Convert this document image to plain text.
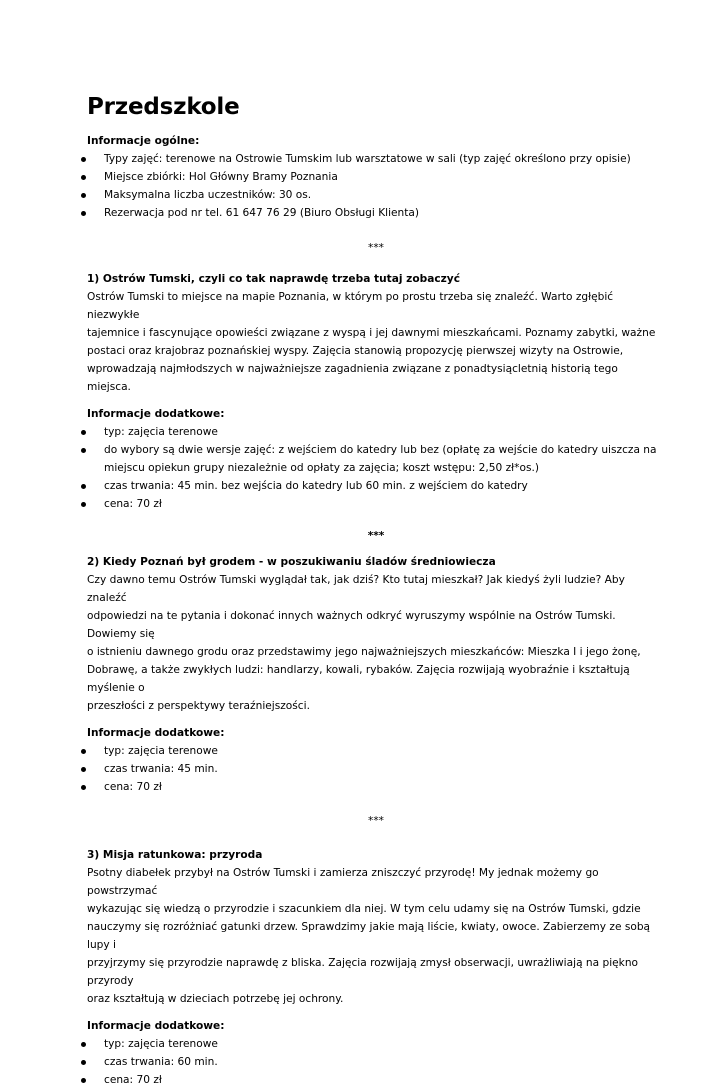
Przedszkole

Informacje ogólne:

Typy zajęć: terenowe na Ostrowie Tumskim lub warsztatowe w sali (typ zajęć określono przy opisie)
Miejsce zbiórki: Hol Główny Bramy Poznania
Maksymalna liczba uczestników: 30 os.
Rezerwacja pod nr tel. 61 647 76 29 (Biuro Obsługi Klienta)
***

1) Ostrów Tumski, czyli co tak naprawdę trzeba tutaj zobaczyć

Ostrów Tumski to miejsce na mapie Poznania, w którym po prostu trzeba się znaleźć. Warto zgłębić niezwykłe
tajemnice i fascynujące opowieści związane z wyspą i jej dawnymi mieszkańcami. Poznamy zabytki, ważne
postaci oraz krajobraz poznańskiej wyspy. Zajęcia stanowią propozycję pierwszej wizyty na Ostrowie,
wprowadzają najmłodszych w najważniejsze zagadnienia związane z ponadtysiącletnią historią tego miejsca.

Informacje dodatkowe:

typ: zajęcia terenowe
do wybory są dwie wersje zajęć: z wejściem do katedry lub bez (opłatę za wejście do katedry uiszcza na
miejscu opiekun grupy niezależnie od opłaty za zajęcia; koszt wstępu: 2,50 zł*os.)
czas trwania: 45 min. bez wejścia do katedry lub 60 min. z wejściem do katedry
cena: 70 zł
***

2) Kiedy Poznań był grodem - w poszukiwaniu śladów średniowiecza

Czy dawno temu Ostrów Tumski wyglądał tak, jak dziś? Kto tutaj mieszkał? Jak kiedyś żyli ludzie? Aby znaleźć
odpowiedzi na te pytania i dokonać innych ważnych odkryć wyruszymy wspólnie na Ostrów Tumski. Dowiemy się
o istnieniu dawnego grodu oraz przedstawimy jego najważniejszych mieszkańców: Mieszka I i jego żonę,
Dobrawę, a także zwykłych ludzi: handlarzy, kowali, rybaków. Zajęcia rozwijają wyobraźnie i kształtują myślenie o
przeszłości z perspektywy teraźniejszości.

Informacje dodatkowe:

typ: zajęcia terenowe
czas trwania: 45 min.
cena: 70 zł
***

3) Misja ratunkowa: przyroda

Psotny diabełek przybył na Ostrów Tumski i zamierza zniszczyć przyrodę! My jednak możemy go powstrzymać
wykazując się wiedzą o przyrodzie i szacunkiem dla niej. W tym celu udamy się na Ostrów Tumski, gdzie
nauczymy się rozróżniać gatunki drzew. Sprawdzimy jakie mają liście, kwiaty, owoce. Zabierzemy ze sobą lupy i
przyjrzymy się przyrodzie naprawdę z bliska. Zajęcia rozwijają zmysł obserwacji, uwrażliwiają na piękno przyrody
oraz kształtują w dzieciach potrzebę jej ochrony.

Informacje dodatkowe:

typ: zajęcia terenowe
czas trwania: 60 min.
cena: 70 zł
